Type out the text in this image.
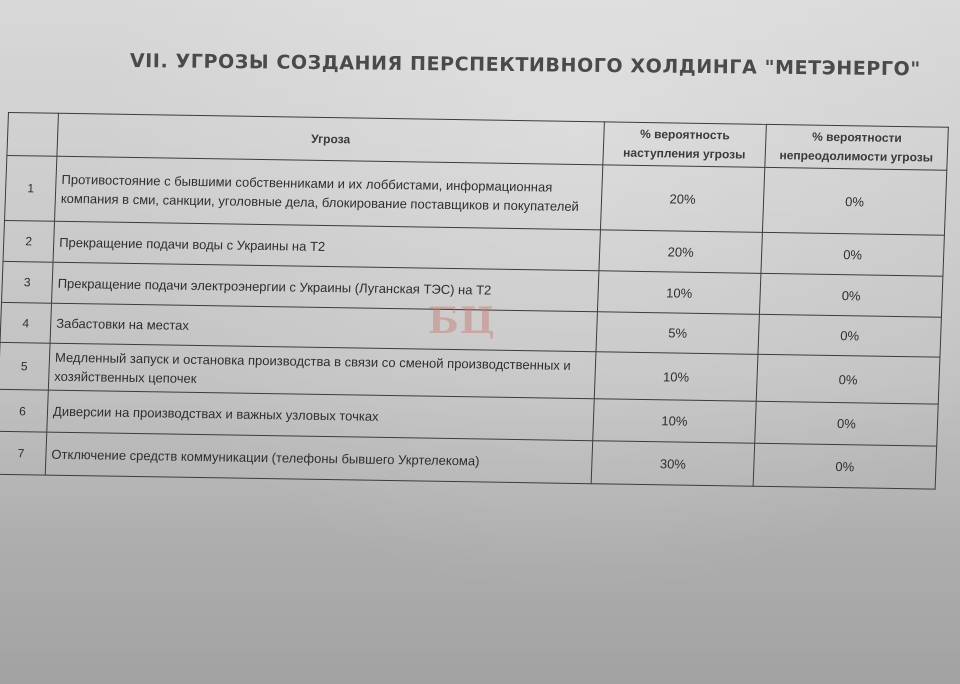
VII. УГРОЗЫ СОЗДАНИЯ ПЕРСПЕКТИВНОГО ХОЛДИНГА "МЕТЭНЕРГО"
	Угроза	% вероятность наступления угрозы	% вероятности непреодолимости угрозы
1	Противостояние с бывшими собственниками и их лоббистами, информационная компания в сми, санкции, уголовные дела, блокирование поставщиков и покупателей	20%	0%
2	Прекращение подачи воды с Украины на Т2	20%	0%
3	Прекращение подачи электроэнергии с Украины (Луганская ТЭС) на Т2	10%	0%
4	Забастовки на местах	5%	0%
5	Медленный запуск и остановка производства в связи со сменой производственных и хозяйственных цепочек	10%	0%
6	Диверсии на производствах и важных узловых точках	10%	0%
7	Отключение средств коммуникации (телефоны бывшего Укртелекома)	30%	0%
БЦ
